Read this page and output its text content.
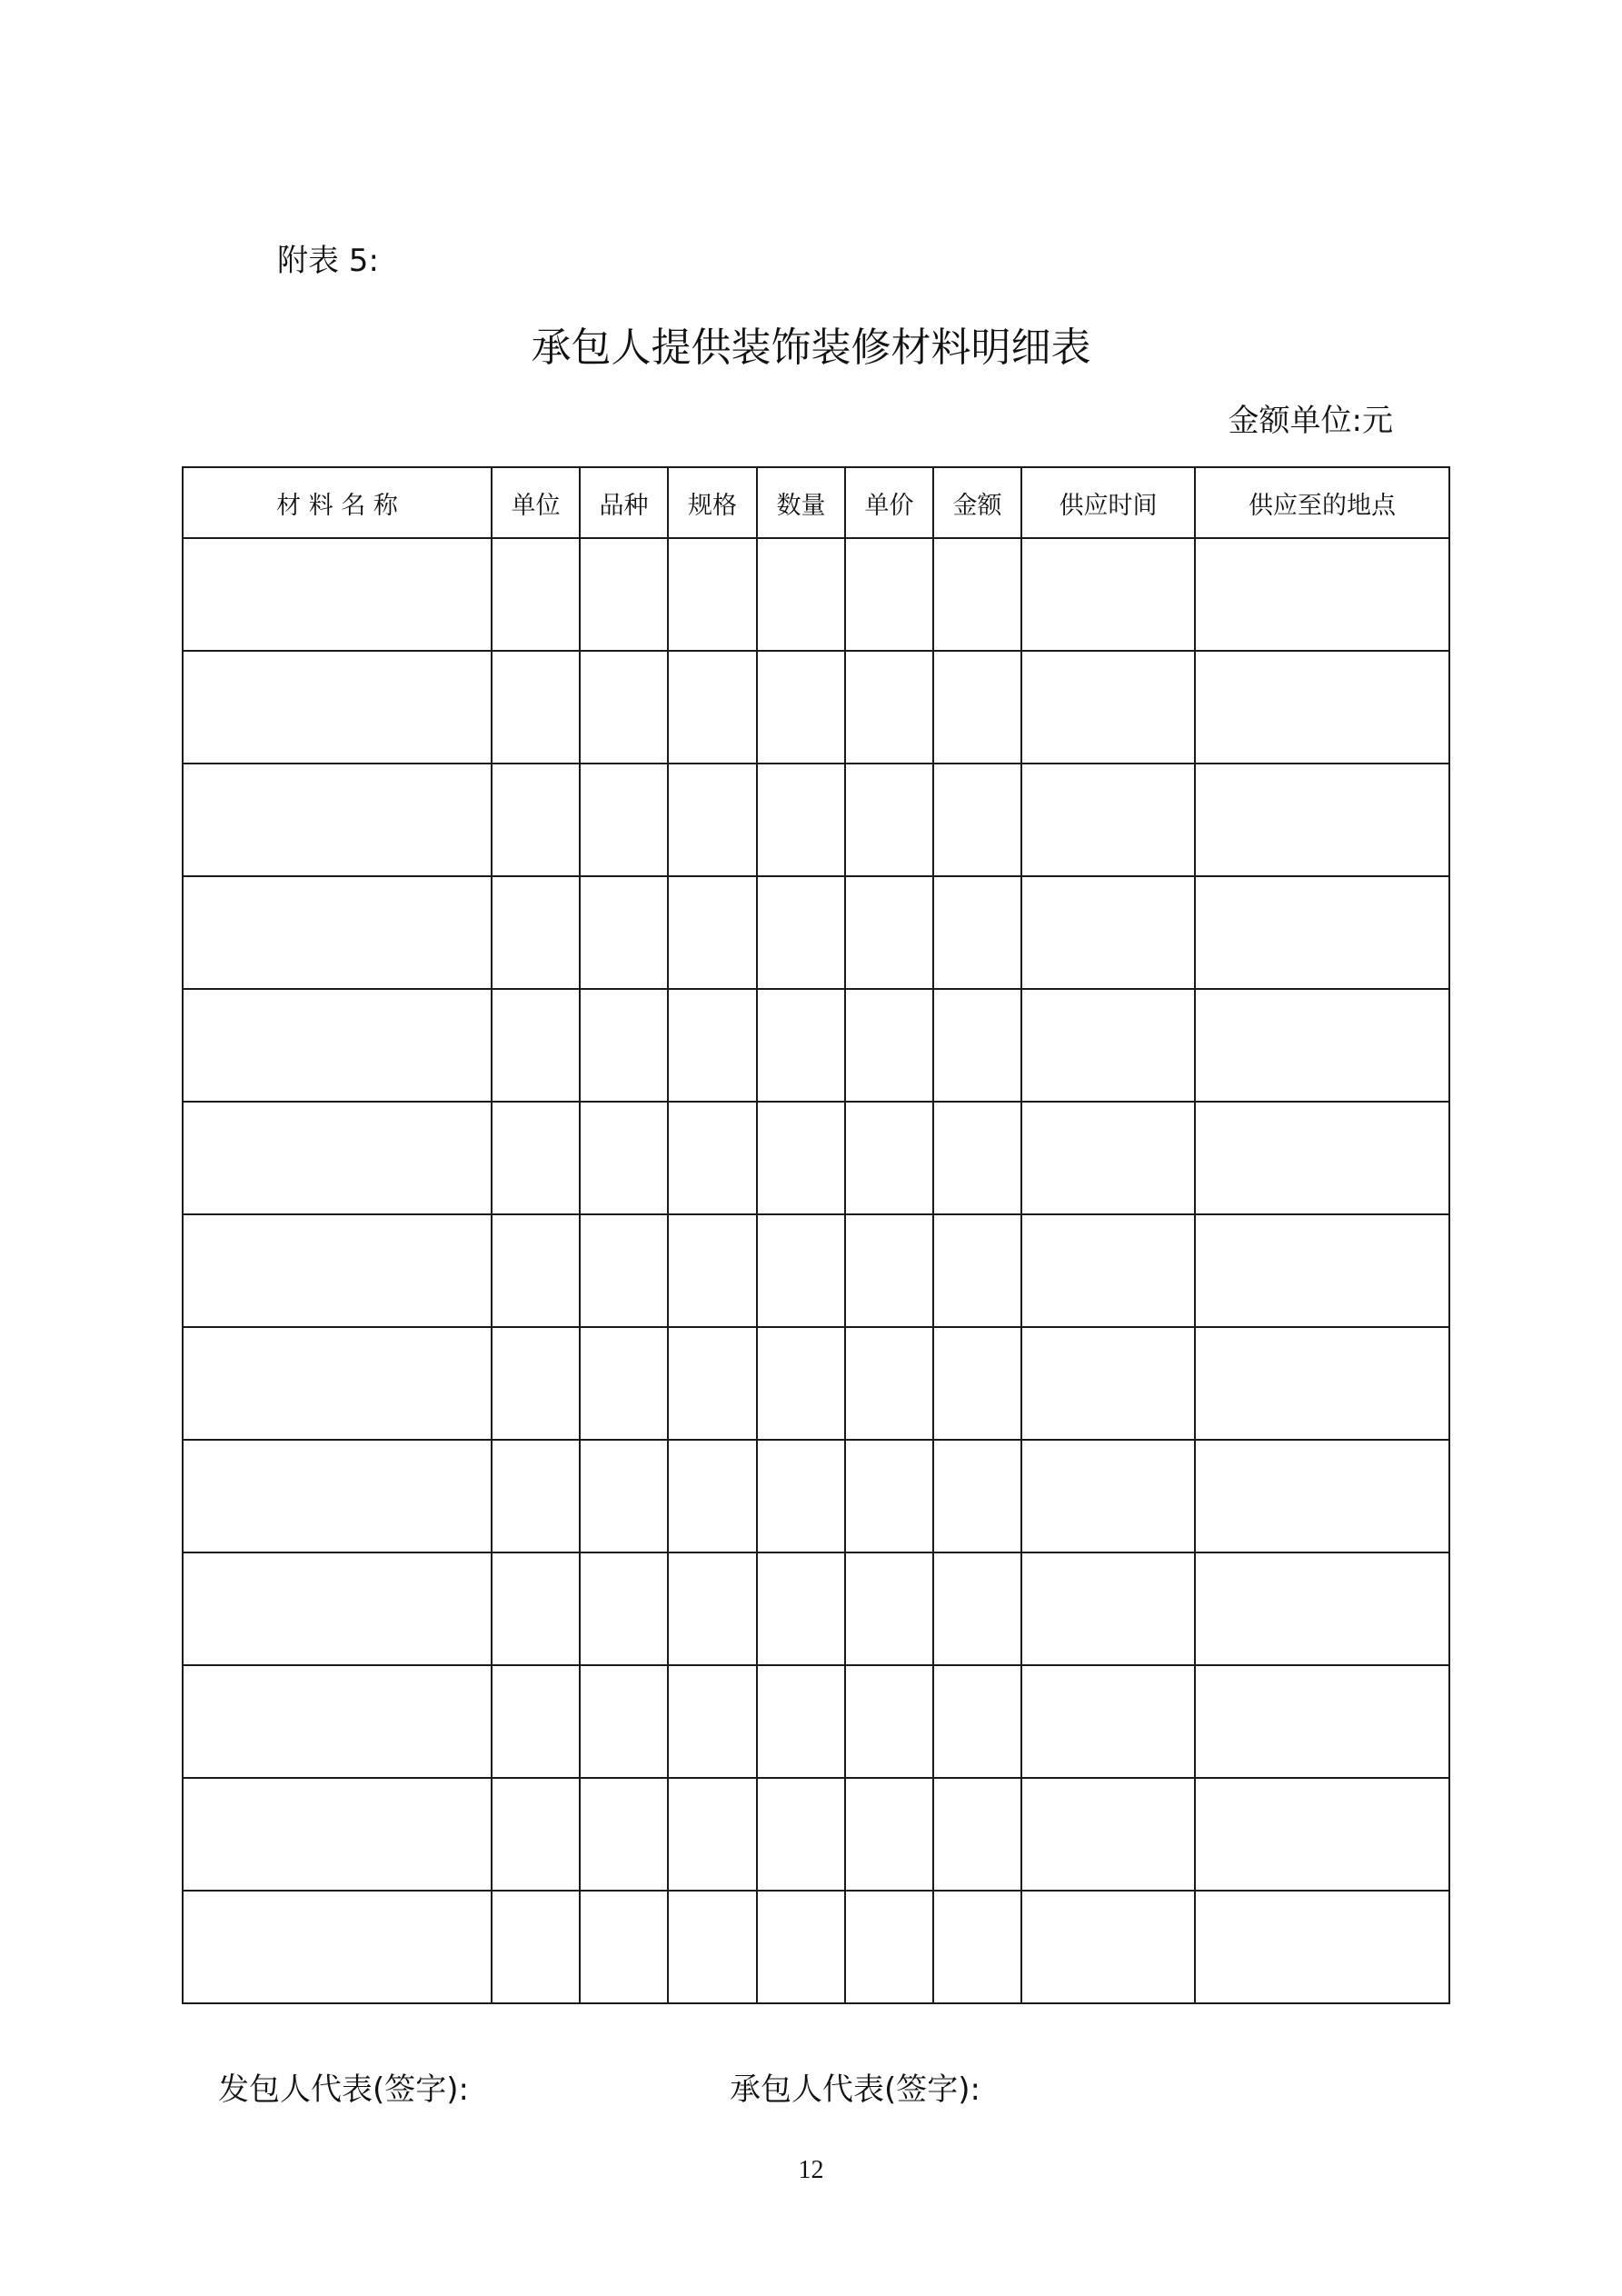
附表 5:
承包人提供装饰装修材料明细表
金额单位:元
材 料 名 称	单位	品种	规格	数量	单价	金额	供应时间	供应至的地点

发包人代表(签字):	承包人代表(签字):
12
